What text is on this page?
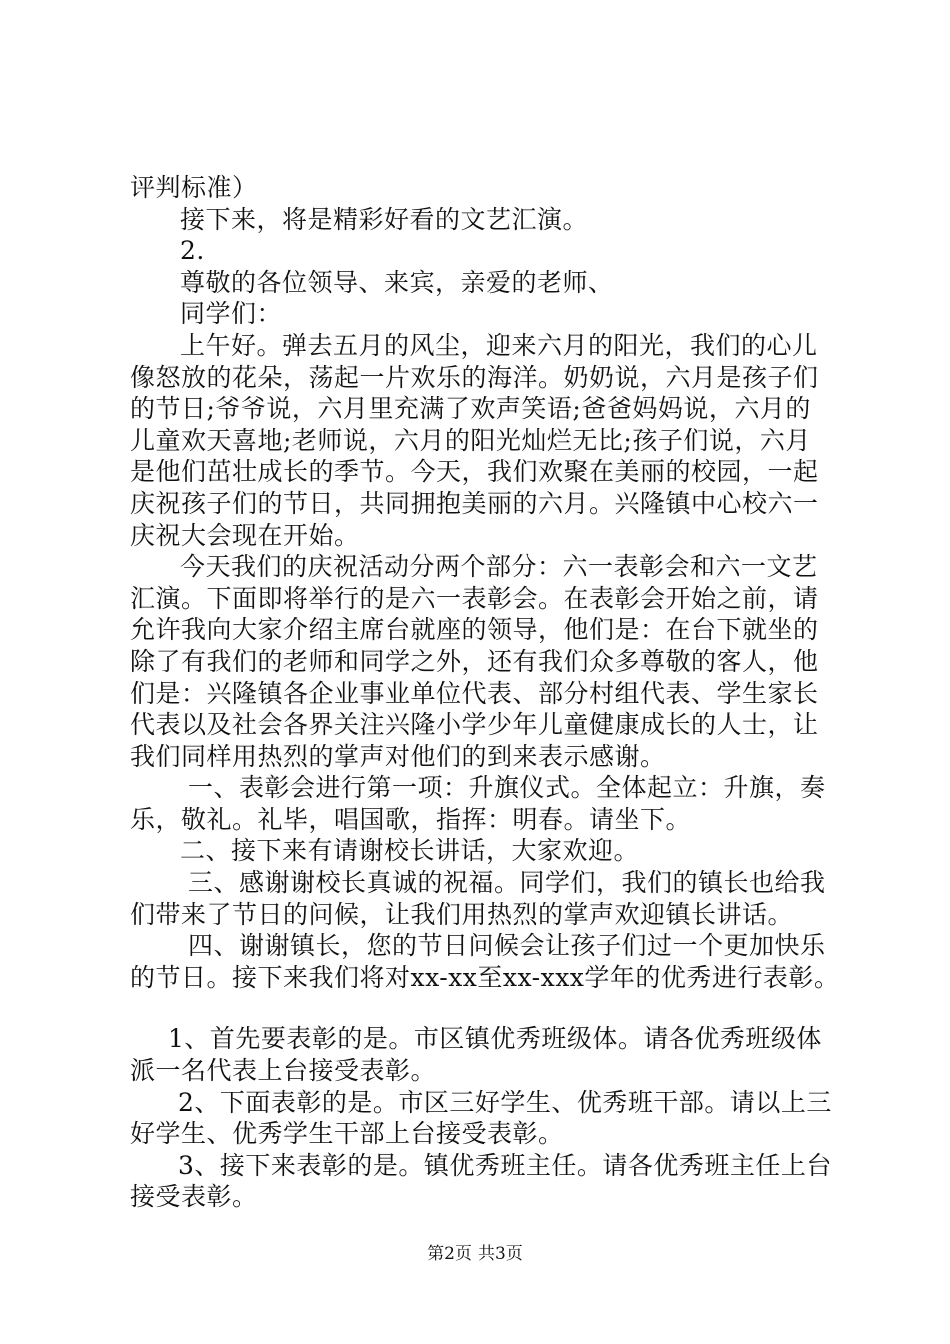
评判标准）
接下来，将是精彩好看的文艺汇演。
2.
尊敬的各位领导、来宾，亲爱的老师、
同学们：
上午好。弹去五月的风尘，迎来六月的阳光，我们的心儿
像怒放的花朵，荡起一片欢乐的海洋。奶奶说，六月是孩子们
的节日;爷爷说，六月里充满了欢声笑语;爸爸妈妈说，六月的
儿童欢天喜地;老师说，六月的阳光灿烂无比;孩子们说，六月
是他们茁壮成长的季节。今天，我们欢聚在美丽的校园，一起
庆祝孩子们的节日，共同拥抱美丽的六月。兴隆镇中心校六一
庆祝大会现在开始。
今天我们的庆祝活动分两个部分：六一表彰会和六一文艺
汇演。下面即将举行的是六一表彰会。在表彰会开始之前，请
允许我向大家介绍主席台就座的领导，他们是：在台下就坐的
除了有我们的老师和同学之外，还有我们众多尊敬的客人，他
们是：兴隆镇各企业事业单位代表、部分村组代表、学生家长
代表以及社会各界关注兴隆小学少年儿童健康成长的人士，让
我们同样用热烈的掌声对他们的到来表示感谢。
一、表彰会进行第一项：升旗仪式。全体起立：升旗，奏
乐，敬礼。礼毕，唱国歌，指挥：明春。请坐下。
二、接下来有请谢校长讲话，大家欢迎。
三、感谢谢校长真诚的祝福。同学们，我们的镇长也给我
们带来了节日的问候，让我们用热烈的掌声欢迎镇长讲话。
四、谢谢镇长，您的节日问候会让孩子们过一个更加快乐
的节日。接下来我们将对xx-xx至xx-xxx学年的优秀进行表彰。
1、首先要表彰的是。市区镇优秀班级体。请各优秀班级体
派一名代表上台接受表彰。
2、下面表彰的是。市区三好学生、优秀班干部。请以上三
好学生、优秀学生干部上台接受表彰。
3、接下来表彰的是。镇优秀班主任。请各优秀班主任上台
接受表彰。
第2页 共3页
